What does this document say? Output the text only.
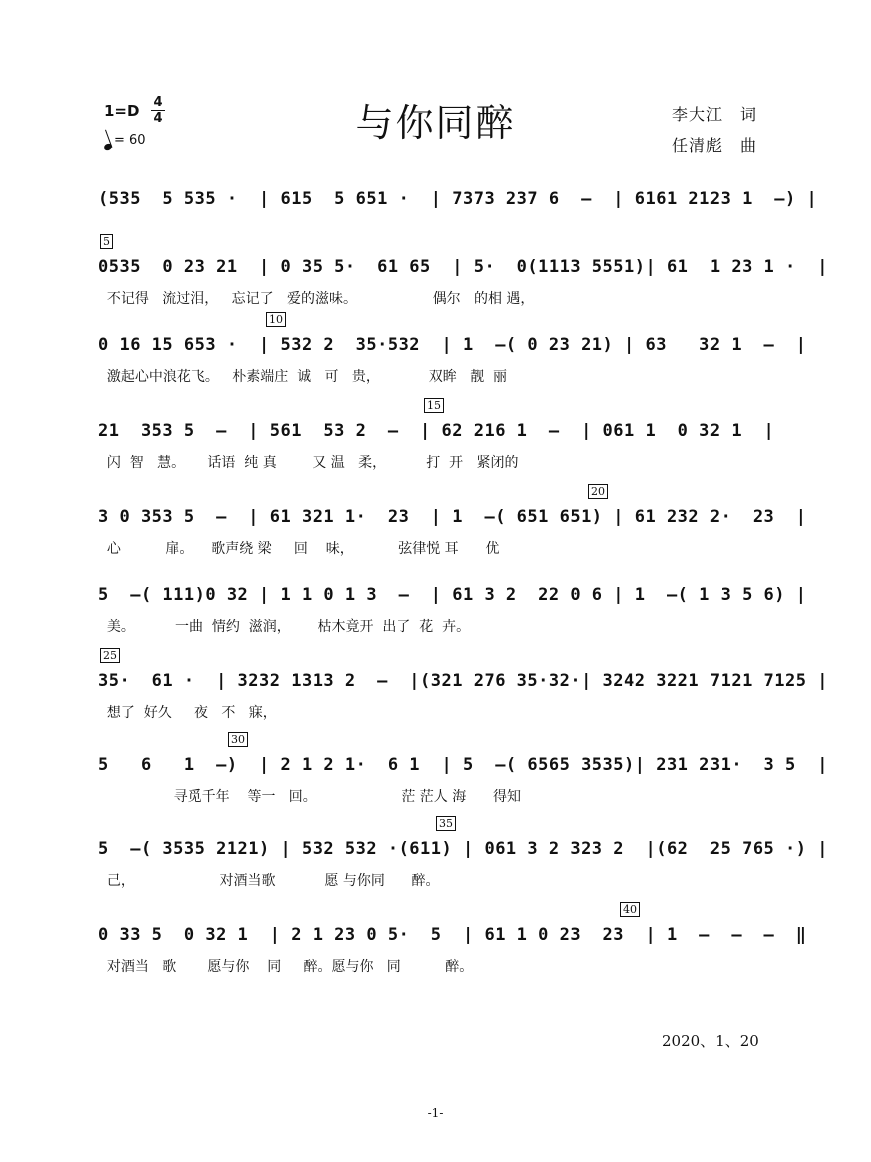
1=D 4
4
= 60	与你同醉	李大江　词
任清彪　曲
(535  5 535 ·  | 615  5 651 ·  | 7373 237 6  —  | 6161 2123 1  —) |
5
0535  0 23 21  | 0 35 5·  61 65  | 5·  0(1113 5551)| 61  1 23 1 ·  |
不记得   流过泪，   忘记了   爱的滋味。                 偶尔   的相 遇，
10
0 16 15 653 ·  | 532 2  35·532  | 1  —( 0 23 21) | 63   32 1  —  |
激起心中浪花飞。   朴素端庄  诚   可   贵，           双眸   靓  丽
15
21  353 5  —  | 561  53 2  —  | 62 216 1  —  | 061 1  0 32 1  |
闪  智   慧。     话语  纯 真        又 温   柔，         打  开   紧闭的
20
3 0 353 5  —  | 61 321 1·  23  | 1  —( 651 651) | 61 232 2·  23  |
心          扉。    歌声绕 梁     回    味，          弦律悦 耳      优
5  —( 111)0 32 | 1 1 0 1 3  —  | 61 3 2  22 0 6 | 1  —( 1 3 5 6) |
美。         一曲  情约  滋润，      枯木竟开  出了  花  卉。
25
35·  61 ·  | 3232 1313 2  —  |(321 276 35·32·| 3242 3221 7121 7125 |
想了  好久     夜   不   寐，
30
5   6   1  —)  | 2 1 2 1·  6 1  | 5  —( 6565 3535)| 231 231·  3 5  |
寻觅千年    等一   回。                   茫 茫人 海      得知
35
5  —( 3535 2121) | 532 532 ·(611) | 061 3 2 323 2  |(62  25 765 ·) |
己，                   对酒当歌           愿 与你同      醉。
40
0 33 5  0 32 1  | 2 1 23 0 5·  5  | 61 1 0 23  23  | 1  —  —  —  ‖
对酒当   歌       愿与你    同     醉。愿与你   同          醉。
2020、1、20
-1-
